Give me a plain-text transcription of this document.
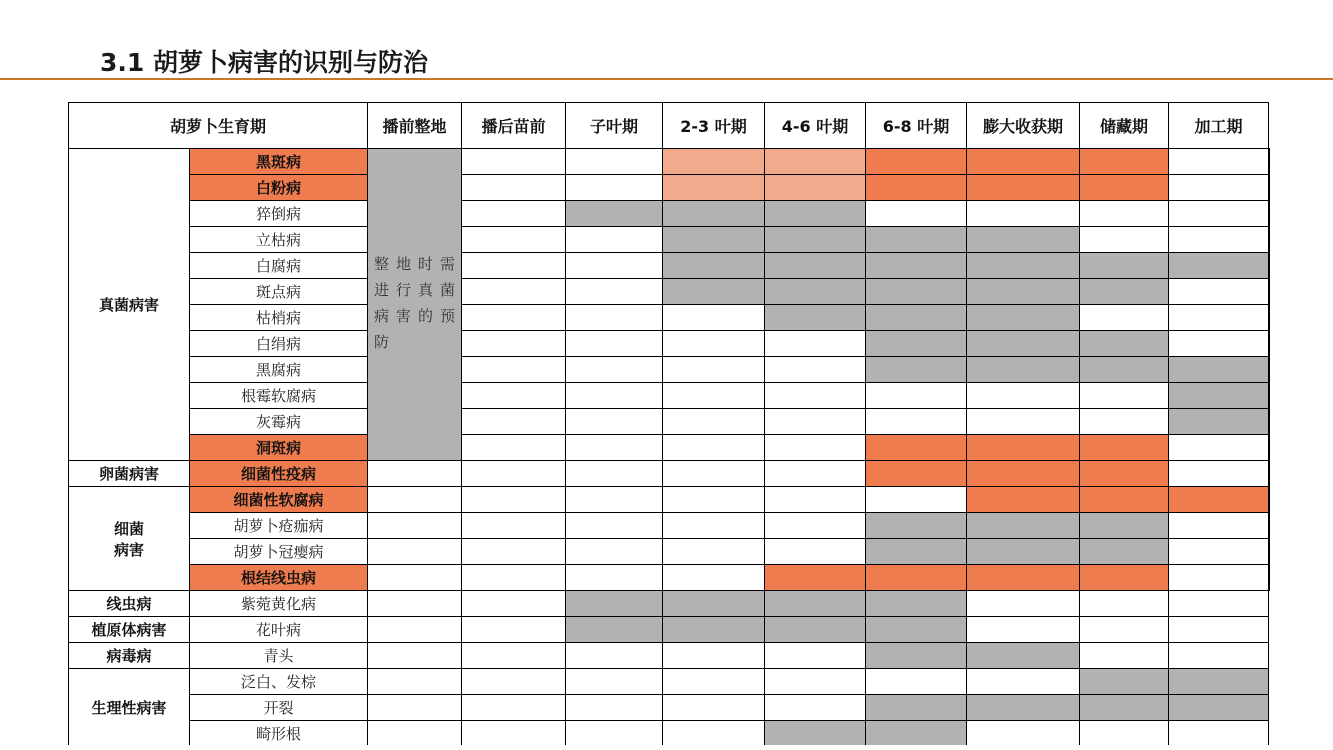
3.1 胡萝卜病害的识别与防治
胡萝卜生育期		播前整地	播后苗前	子叶期	2-3 叶期	4-6 叶期	6-8 叶期	膨大收获期	储藏期	加工期	
真菌病害	黑斑病	整地时需进行真菌病害的预防									
	白粉病										
	猝倒病										
	立枯病										
	白腐病										
	斑点病										
	枯梢病										
	白绢病										
	黑腐病										
	根霉软腐病										
	灰霉病										
	洞斑病										
卵菌病害	细菌性疫病										
细菌
病害	细菌性软腐病										
	胡萝卜疮痂病										
	胡萝卜冠瘿病										
	根结线虫病										
线虫病	紫菀黄化病										
植原体病害	花叶病										
病毒病	青头										
生理性病害	泛白、发棕										
	开裂										
	畸形根										
